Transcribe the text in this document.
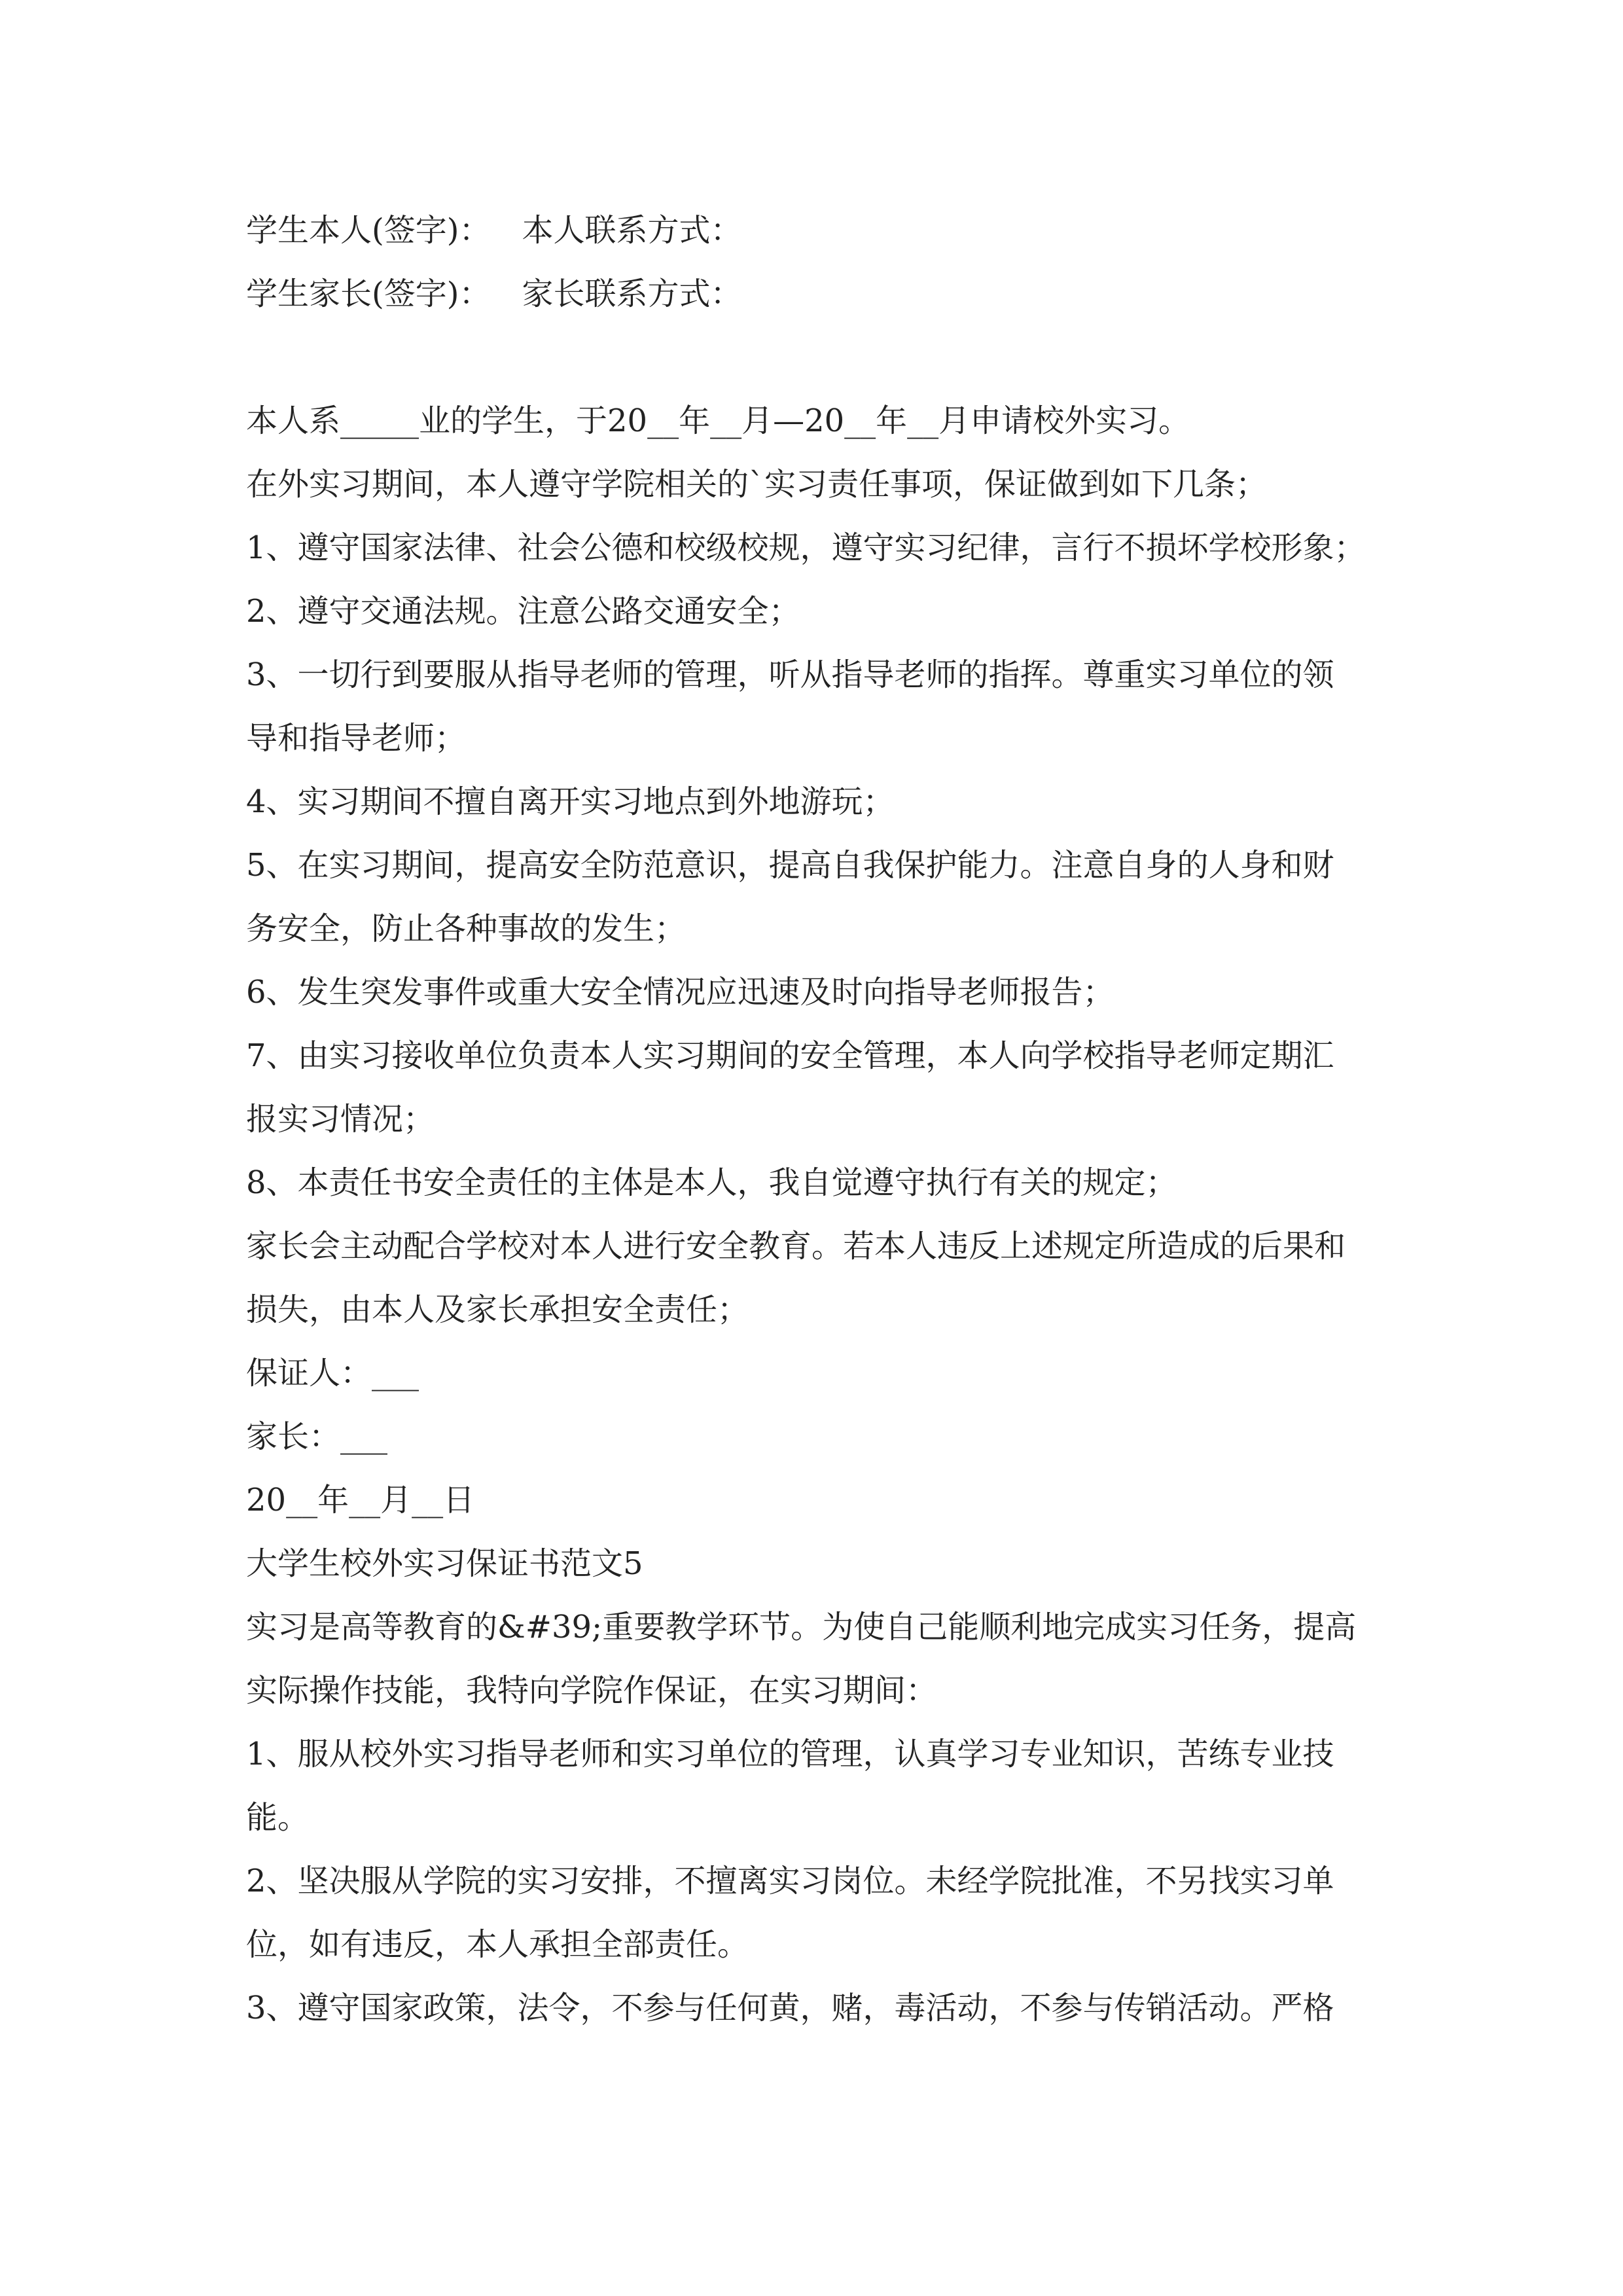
学生本人(签字)： 本人联系方式：
学生家长(签字)： 家长联系方式：
本人系_____业的学生，于20__年__月—20__年__月申请校外实习。
在外实习期间，本人遵守学院相关的`实习责任事项，保证做到如下几条；
1、遵守国家法律、社会公德和校级校规，遵守实习纪律，言行不损坏学校形象；
2、遵守交通法规。注意公路交通安全；
3、一切行到要服从指导老师的管理，听从指导老师的指挥。尊重实习单位的领
导和指导老师；
4、实习期间不擅自离开实习地点到外地游玩；
5、在实习期间，提高安全防范意识，提高自我保护能力。注意自身的人身和财
务安全，防止各种事故的发生；
6、发生突发事件或重大安全情况应迅速及时向指导老师报告；
7、由实习接收单位负责本人实习期间的安全管理，本人向学校指导老师定期汇
报实习情况；
8、本责任书安全责任的主体是本人，我自觉遵守执行有关的规定；
家长会主动配合学校对本人进行安全教育。若本人违反上述规定所造成的后果和
损失，由本人及家长承担安全责任；
保证人：___
家长：___
20__年__月__日
大学生校外实习保证书范文5
实习是高等教育的&#39;重要教学环节。为使自己能顺利地完成实习任务，提高
实际操作技能，我特向学院作保证，在实习期间：
1、服从校外实习指导老师和实习单位的管理，认真学习专业知识，苦练专业技
能。
2、坚决服从学院的实习安排，不擅离实习岗位。未经学院批准，不另找实习单
位，如有违反，本人承担全部责任。
3、遵守国家政策，法令，不参与任何黄，赌，毒活动，不参与传销活动。严格
